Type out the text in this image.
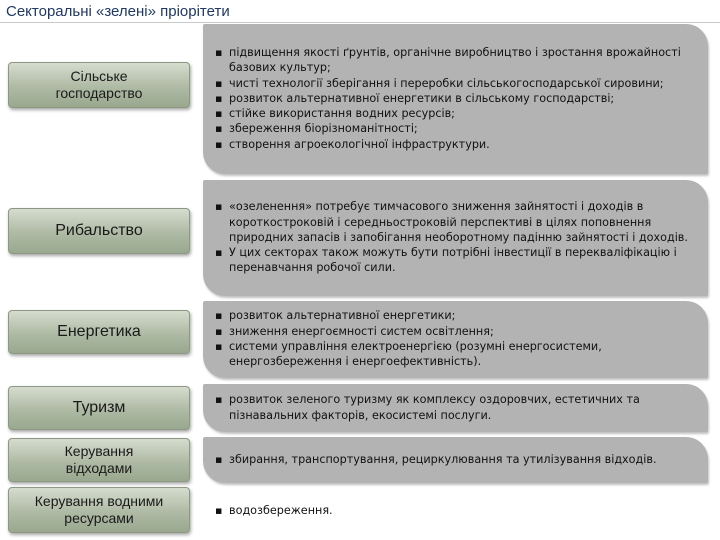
Секторальні «зелені» пріорітети
Сільське
господарство
▪ підвищення якості ґрунтів, органічне виробництво і зростання врожайності базових культур;
▪ чисті технології зберігання і переробки сільськогосподарської сировини;
▪ розвиток альтернативної енергетики в сільському господарстві;
▪ стійке використання водних ресурсів;
▪ збереження біорізноманітності;
▪ створення агроекологічної інфраструктури.
Рибальство
▪ «озеленення» потребує тимчасового зниження зайнятості і доходів в короткостроковій і середньостроковій перспективі в цілях поповнення природних запасів і запобігання необоротному падінню зайнятості і доходів.
▪ У цих секторах також можуть бути потрібні інвестиції в перекваліфікацію і перенавчання робочої сили.
Енергетика
▪ розвиток альтернативної енергетики;
▪ зниження енергоємності систем освітлення;
▪ системи управління електроенергією (розумні енергосистеми, енергозбереження і енергоефективність).
Туризм	▪ розвиток зеленого туризму як комплексу оздоровчих, естетичних та пізнавальних факторів, екосистемі послуги.
Керування
відходами
▪ збирання, транспортування, рециркулювання та утилізування відходів.
Керування водними
ресурсами	▪ водозбереження.
